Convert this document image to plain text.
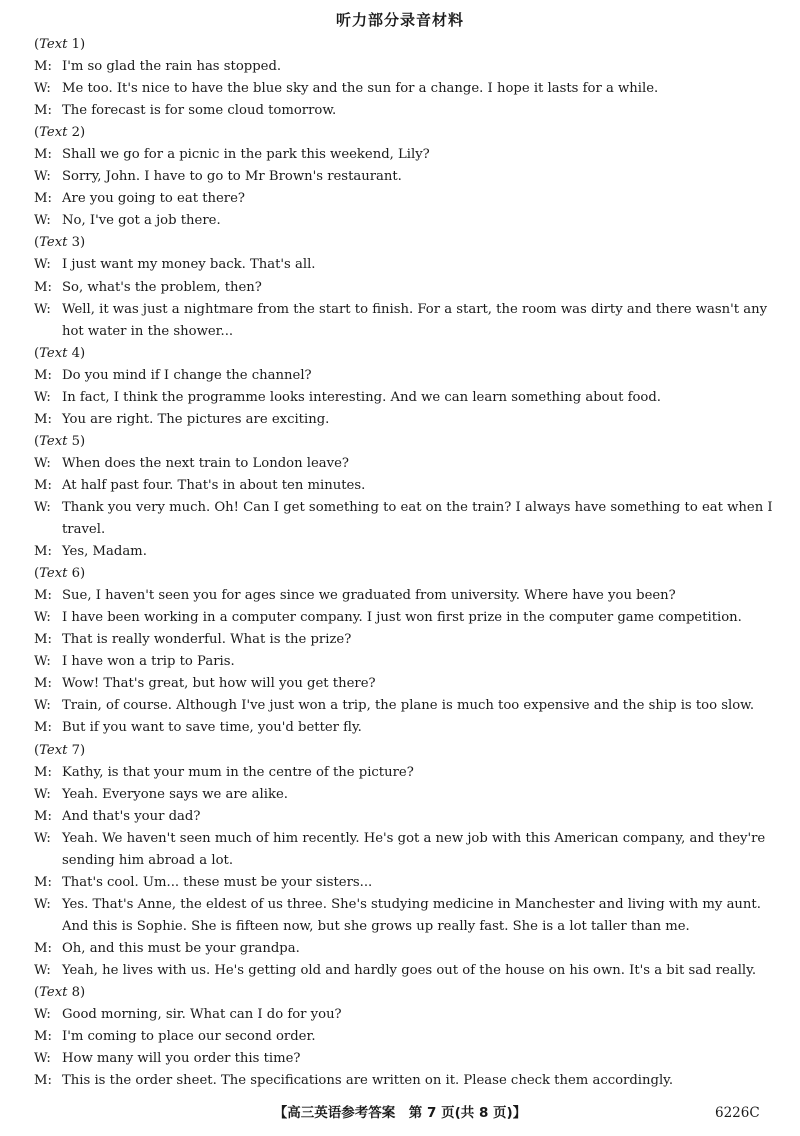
听力部分录音材料
(Text 1)
M: I'm so glad the rain has stopped.
W: Me too. It's nice to have the blue sky and the sun for a change. I hope it lasts for a while.
M: The forecast is for some cloud tomorrow.
(Text 2)
M: Shall we go for a picnic in the park this weekend, Lily?
W: Sorry, John. I have to go to Mr Brown's restaurant.
M: Are you going to eat there?
W: No, I've got a job there.
(Text 3)
W: I just want my money back. That's all.
M: So, what's the problem, then?
W: Well, it was just a nightmare from the start to finish. For a start, the room was dirty and there wasn't any hot water in the shower...
(Text 4)
M: Do you mind if I change the channel?
W: In fact, I think the programme looks interesting. And we can learn something about food.
M: You are right. The pictures are exciting.
(Text 5)
W: When does the next train to London leave?
M: At half past four. That's in about ten minutes.
W: Thank you very much. Oh! Can I get something to eat on the train? I always have something to eat when I travel.
M: Yes, Madam.
(Text 6)
M: Sue, I haven't seen you for ages since we graduated from university. Where have you been?
W: I have been working in a computer company. I just won first prize in the computer game competition.
M: That is really wonderful. What is the prize?
W: I have won a trip to Paris.
M: Wow! That's great, but how will you get there?
W: Train, of course. Although I've just won a trip, the plane is much too expensive and the ship is too slow.
M: But if you want to save time, you'd better fly.
(Text 7)
M: Kathy, is that your mum in the centre of the picture?
W: Yeah. Everyone says we are alike.
M: And that's your dad?
W: Yeah. We haven't seen much of him recently. He's got a new job with this American company, and they're sending him abroad a lot.
M: That's cool. Um... these must be your sisters...
W: Yes. That's Anne, the eldest of us three. She's studying medicine in Manchester and living with my aunt. And this is Sophie. She is fifteen now, but she grows up really fast. She is a lot taller than me.
M: Oh, and this must be your grandpa.
W: Yeah, he lives with us. He's getting old and hardly goes out of the house on his own. It's a bit sad really.
(Text 8)
W: Good morning, sir. What can I do for you?
M: I'm coming to place our second order.
W: How many will you order this time?
M: This is the order sheet. The specifications are written on it. Please check them accordingly.
【高三英语参考答案　第 7 页(共 8 页)】	6226C
